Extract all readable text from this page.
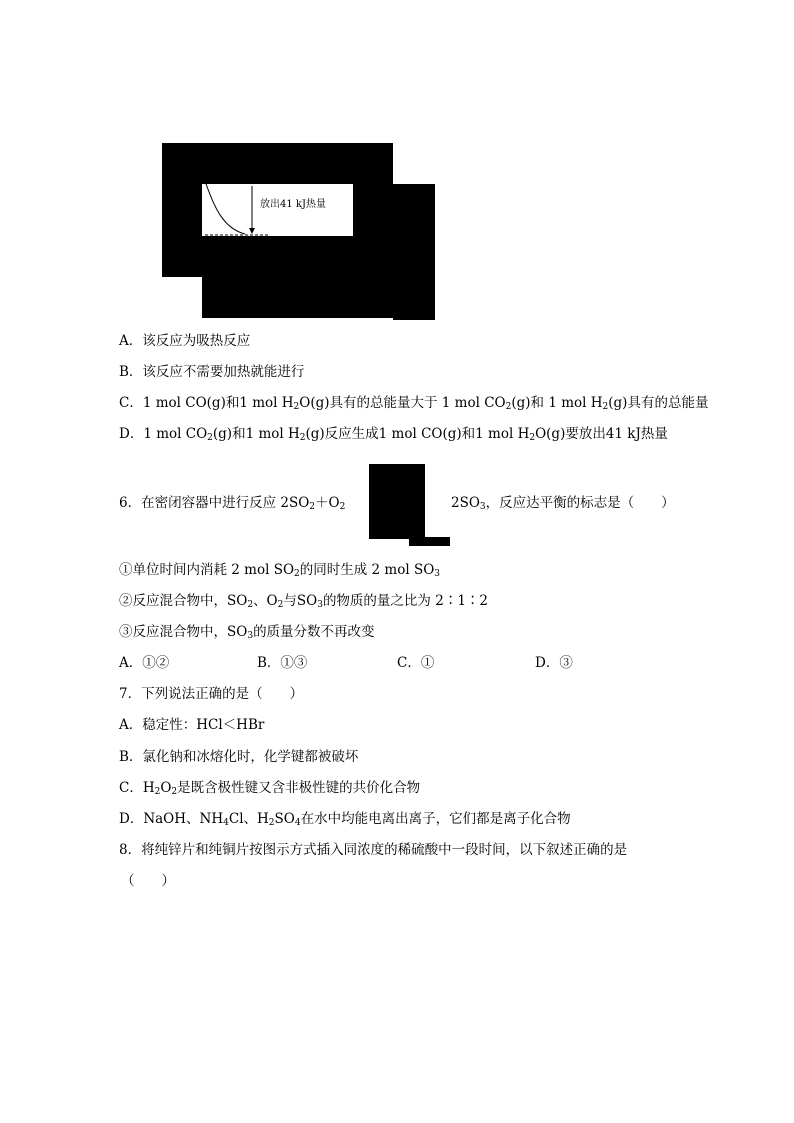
放出41 kJ热量
A．该反应为吸热反应
B．该反应不需要加热就能进行
C．1 mol CO(g)和1 mol $H_2O(g)$具有的总能量大于 1 mol $CO_2(g)$和 1 mol $H_2(g)$具有的总能量
D．1 mol $CO_2(g)$和1 mol $H_2(g)$反应生成1 mol CO(g)和1 mol $H_2O(g)$要放出41 kJ热量
6．在密闭容器中进行反应 $2SO_2+O_2$	$2SO_3$，反应达平衡的标志是（　　）
①单位时间内消耗 2 mol $SO_2$的同时生成 2 mol $SO_3$
②反应混合物中，$SO_2$、$O_2$与$SO_3$的物质的量之比为 2∶1∶2
③反应混合物中，$SO_3$的质量分数不再改变
A．①②	B．①③	C．①	D．③
7．下列说法正确的是（　　）
A．稳定性：HCl＜HBr
B．氯化钠和冰熔化时，化学键都被破坏
C．$H_2O_2$是既含极性键又含非极性键的共价化合物
D．NaOH、$NH_4Cl$、$H_2SO_4$在水中均能电离出离子，它们都是离子化合物
8．将纯锌片和纯铜片按图示方式插入同浓度的稀硫酸中一段时间，以下叙述正确的是
（　　）
